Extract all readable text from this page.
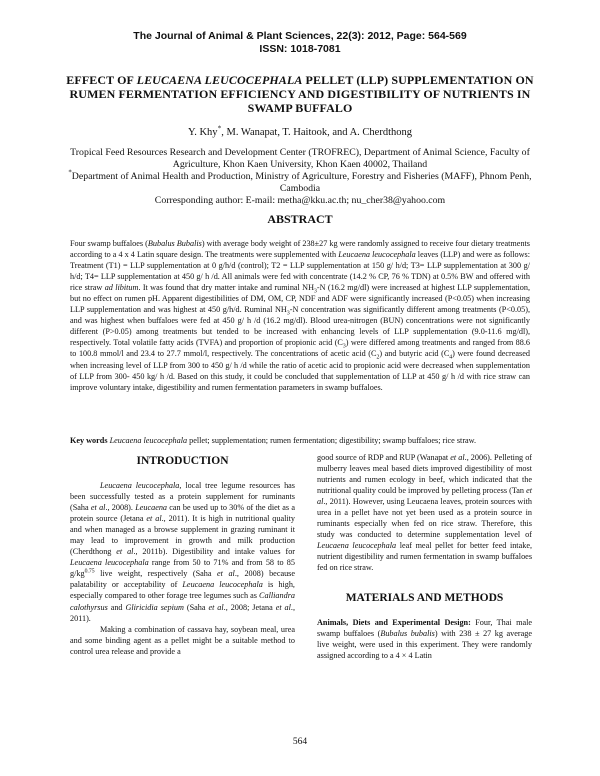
The Journal of Animal & Plant Sciences, 22(3): 2012, Page: 564-569
ISSN: 1018-7081
EFFECT OF LEUCAENA LEUCOCEPHALA PELLET (LLP) SUPPLEMENTATION ON
RUMEN FERMENTATION EFFICIENCY AND DIGESTIBILITY OF NUTRIENTS IN
SWAMP BUFFALO
Y. Khy*, M. Wanapat, T. Haitook, and A. Cherdthong
Tropical Feed Resources Research and Development Center (TROFREC), Department of Animal Science, Faculty of Agriculture, Khon Kaen University, Khon Kaen 40002, Thailand
*Department of Animal Health and Production, Ministry of Agriculture, Forestry and Fisheries (MAFF), Phnom Penh, Cambodia
Corresponding author: E-mail: metha@kku.ac.th; nu_cher38@yahoo.com
ABSTRACT
Four swamp buffaloes (Bubalus Bubalis) with average body weight of 238±27 kg were randomly assigned to receive four dietary treatments according to a 4 x 4 Latin square design. The treatments were supplemented with Leucaena leucocephala leaves (LLP) and were as follows: Treatment (T1) = LLP supplementation at 0 g/h/d (control); T2 = LLP supplementation at 150 g/ h/d; T3= LLP supplementation at 300 g/ h/d; T4= LLP supplementation at 450 g/ h /d. All animals were fed with concentrate (14.2 % CP, 76 % TDN) at 0.5% BW and offered with rice straw ad libitum. It was found that dry matter intake and ruminal $NH_3-N$ (16.2 mg/dl) were increased at highest LLP supplementation, but no effect on rumen pH. Apparent digestibilities of DM, OM, CP, NDF and ADF were significantly increased (P<0.05) when increasing LLP supplementation and was highest at 450 g/h/d. Ruminal $NH_3-N$ concentration was significantly different among treatments (P<0.05), and was highest when buffaloes were fed at 450 g/ h /d (16.2 mg/dl). Blood urea-nitrogen (BUN) concentrations were not significantly different (P>0.05) among treatments but tended to be increased with enhancing levels of LLP supplementation (9.0-11.6 mg/dl), respectively. Total volatile fatty acids (TVFA) and proportion of propionic acid $(C_3)$ were differed among treatments and ranged from 88.6 to 100.8 mmol/l and 23.4 to 27.7 mmol/l, respectively. The concentrations of acetic acid $(C_2)$ and butyric acid $(C_4)$ were found decreased when increasing level of LLP from 300 to 450 g/ h /d while the ratio of acetic acid to propionic acid were decreased when supplementation of LLP from 300- 450 kg/ h /d. Based on this study, it could be concluded that supplementation of LLP at 450 g/ h /d with rice straw can improve voluntary intake, digestibility and rumen fermentation parameters in swamp buffaloes.
Key words Leucaena leucocephala pellet; supplementation; rumen fermentation; digestibility; swamp buffaloes; rice straw.
INTRODUCTION

Leucaena leucocephala, local tree legume resources has been successfully tested as a protein supplement for ruminants (Saha et al., 2008). Leucaena can be used up to 30% of the diet as a protein source (Jetana et al., 2011). It is high in nutritional quality and when managed as a browse supplement in grazing ruminant it may lead to improvement in growth and milk production (Cherdthong et al., 2011b). Digestibility and intake values for Leucaena leucocephala range from 50 to 71% and from 58 to 85 $g/kg^{0.75}$ live weight, respectively (Saha et al., 2008) because palatability or acceptability of Leucaena leucocephala is high, especially compared to other forage tree legumes such as Calliandra calothyrsus and Gliricidia sepium (Saha et al., 2008; Jetana et al., 2011).

Making a combination of cassava hay, soybean meal, urea and some binding agent as a pellet might be a suitable method to control urea release and provide a

good source of RDP and RUP (Wanapat et al., 2006). Pelleting of mulberry leaves meal based diets improved digestibility of most nutrients and rumen ecology in beef, which indicated that the nutritional quality could be improved by pelleting process (Tan et al., 2011). However, using Leucaena leaves, protein sources with urea in a pellet have not yet been used as a protein source in ruminants especially when fed on rice straw. Therefore, this study was conducted to determine supplementation level of Leucaena leucocephala leaf meal pellet for better feed intake, nutrient digestibility and rumen fermentation in swamp buffaloes fed on rice straw.

MATERIALS AND METHODS

Animals, Diets and Experimental Design: Four, Thai male swamp buffaloes (Bubalus bubalis) with 238 ± 27 kg average live weight, were used in this experiment. They were randomly assigned according to a 4 × 4 Latin

564
